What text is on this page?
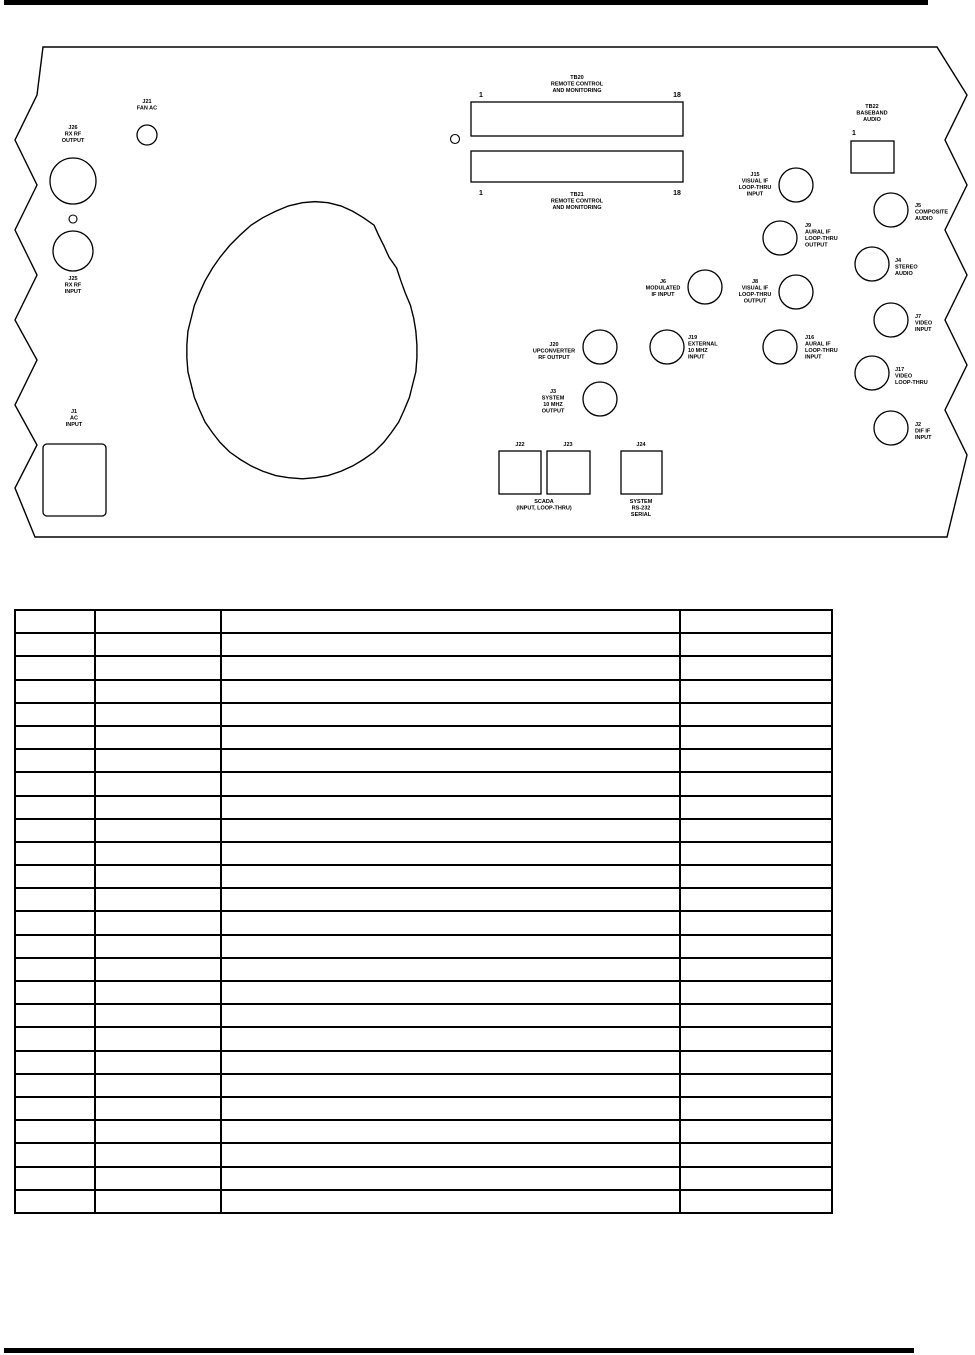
J21 FAN AC
J26 RX RF OUTPUT
J25 RX RF INPUT
J1 AC INPUT
TB20 REMOTE CONTROL AND MONITORING
1	18
TB21 REMOTE CONTROL AND MONITORING
1	18
TB22 BASEBAND AUDIO
1
J15 VISUAL IF LOOP-THRU INPUT
J5 COMPOSITE AUDIO
J9 AURAL IF LOOP-THRU OUTPUT
J4 STEREO AUDIO
J6 MODULATED IF INPUT
J8 VISUAL IF LOOP-THRU OUTPUT
J7 VIDEO INPUT
J20 UPCONVERTER RF OUTPUT
J19 EXTERNAL 10 MHZ INPUT
J16 AURAL IF LOOP-THRU INPUT
J17 VIDEO LOOP-THRU
J3 SYSTEM 10 MHZ OUTPUT
J2 DIF IF INPUT
J22	J23
SCADA (INPUT, LOOP-THRU)
J24
SYSTEM RS-232 SERIAL
